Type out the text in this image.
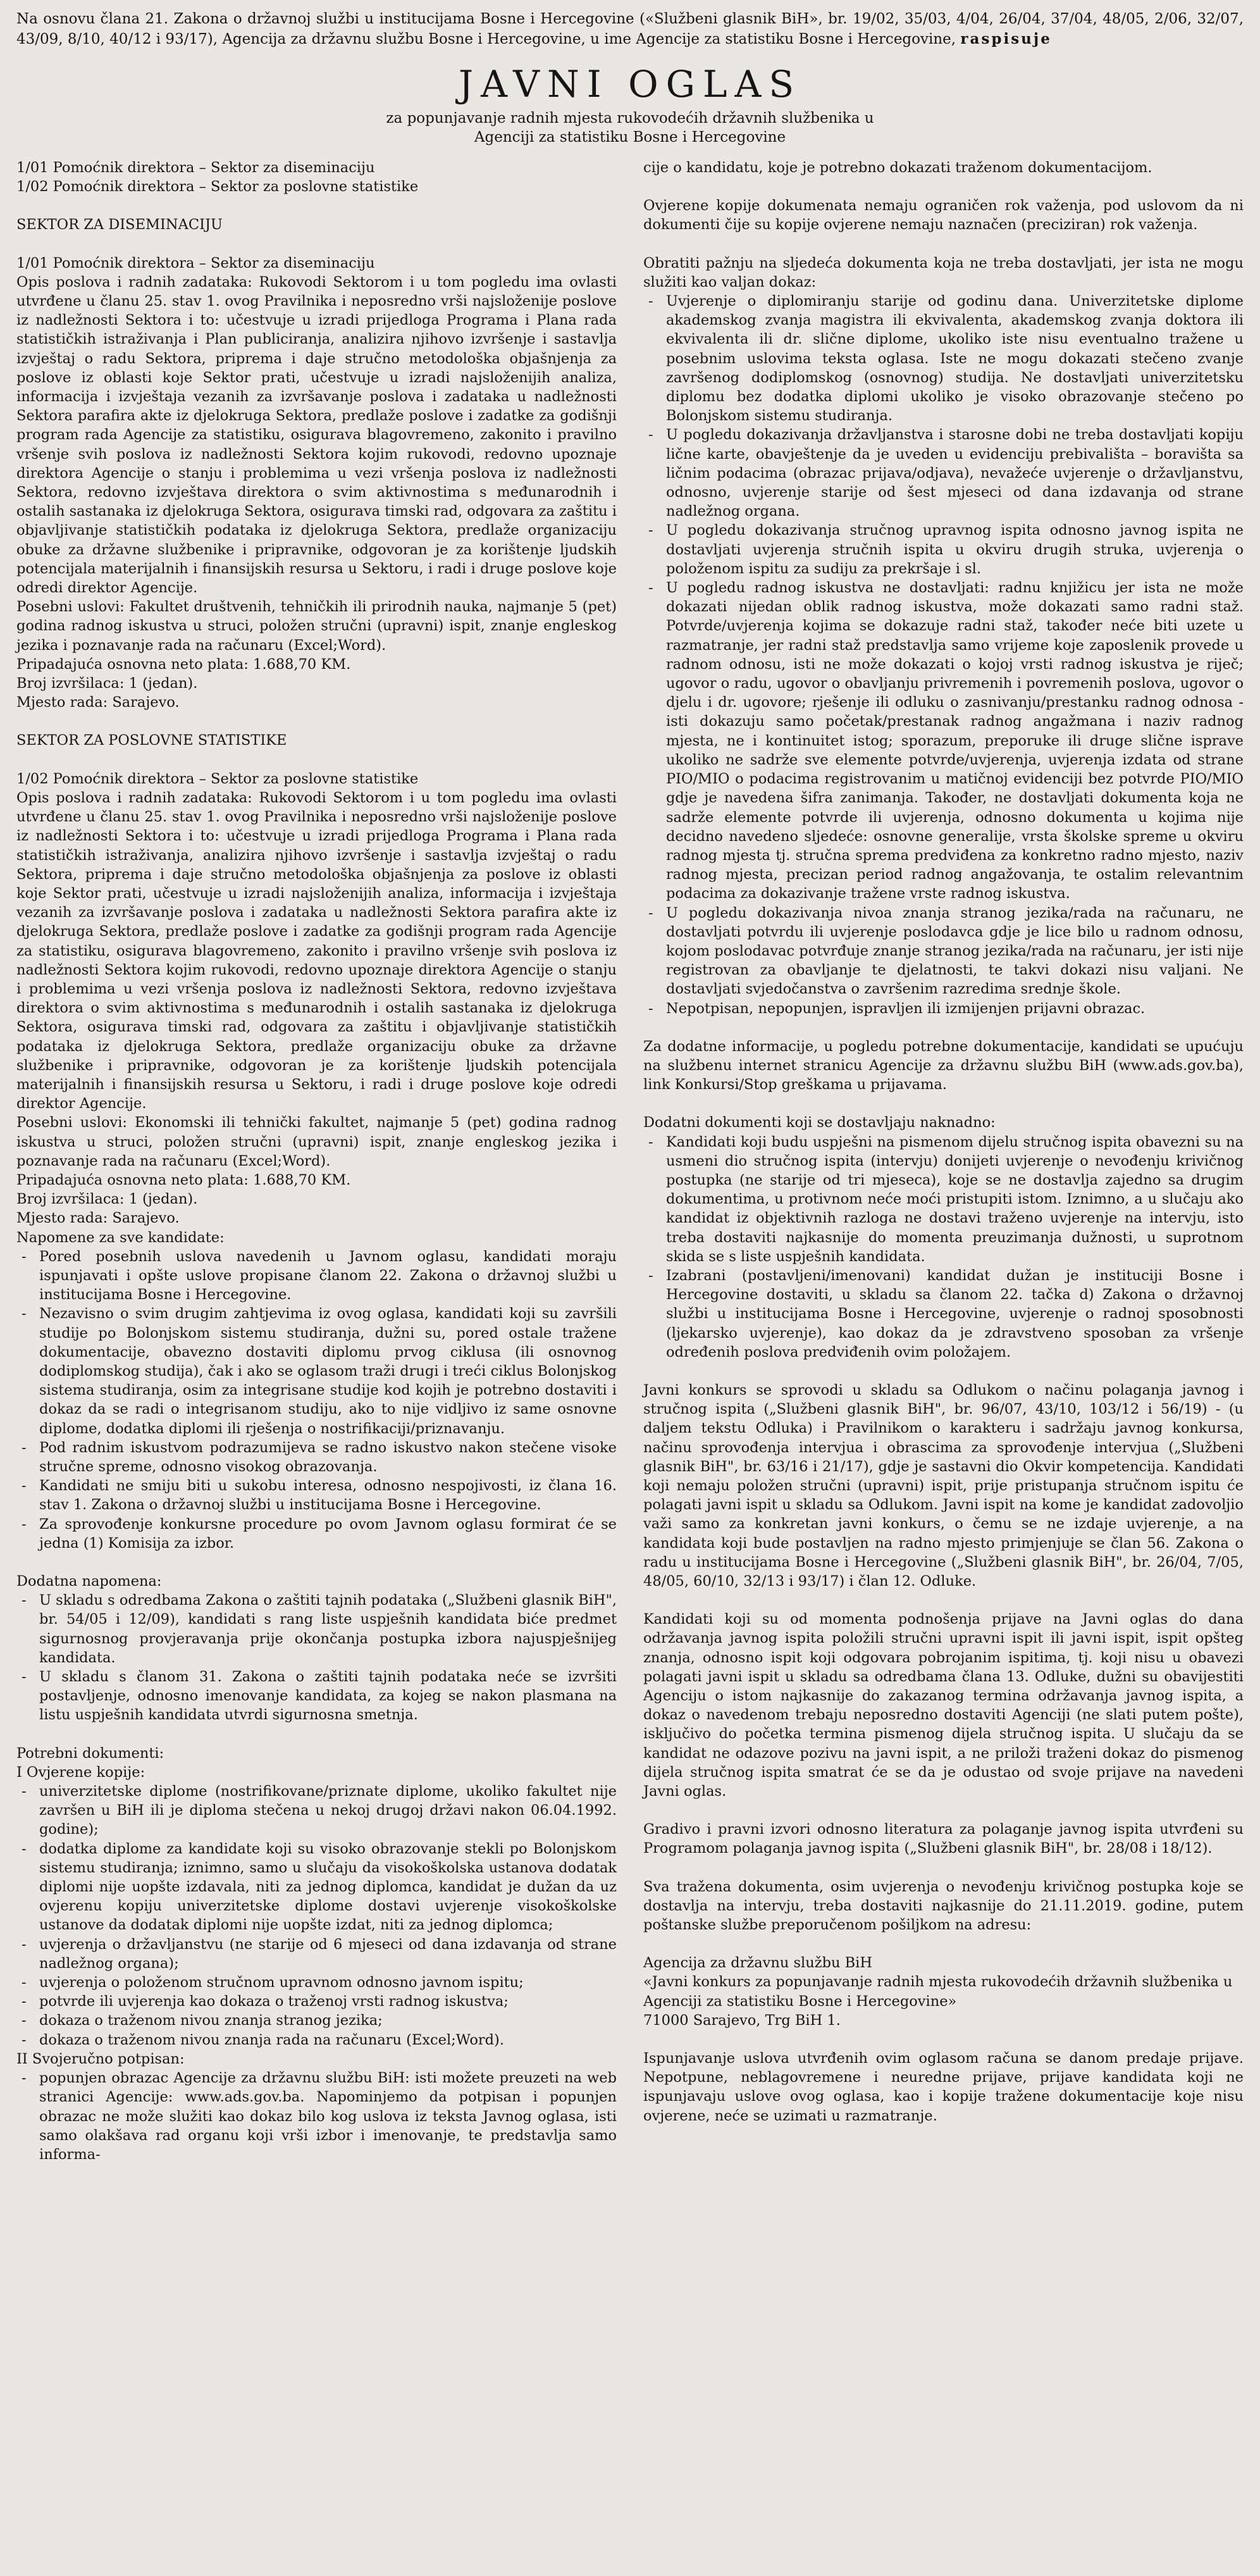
Na osnovu člana 21. Zakona o državnoj službi u institucijama Bosne i Hercegovine («Službeni glasnik BiH», br. 19/02, 35/03, 4/04, 26/04, 37/04, 48/05, 2/06, 32/07, 43/09, 8/10, 40/12 i 93/17), Agencija za državnu službu Bosne i Hercegovine, u ime Agencije za statistiku Bosne i Hercegovine, raspisuje

JAVNI OGLAS
za popunjavanje radnih mjesta rukovodećih državnih službenika u
Agenciji za statistiku Bosne i Hercegovine

1/01 Pomoćnik direktora – Sektor za diseminaciju

1/02 Pomoćnik direktora – Sektor za poslovne statistike

SEKTOR ZA DISEMINACIJU

1/01 Pomoćnik direktora – Sektor za diseminaciju

Opis poslova i radnih zadataka: Rukovodi Sektorom i u tom pogledu ima ovlasti utvrđene u članu 25. stav 1. ovog Pravilnika i neposredno vrši najsloženije poslove iz nadležnosti Sektora i to: učestvuje u izradi prijedloga Programa i Plana rada statističkih istraživanja i Plan publiciranja, analizira njihovo izvršenje i sastavlja izvještaj o radu Sektora, priprema i daje stručno metodološka objašnjenja za poslove iz oblasti koje Sektor prati, učestvuje u izradi najsloženijih analiza, informacija i izvještaja vezanih za izvršavanje poslova i zadataka u nadležnosti Sektora parafira akte iz djelokruga Sektora, predlaže poslove i zadatke za godišnji program rada Agencije za statistiku, osigurava blagovremeno, zakonito i pravilno vršenje svih poslova iz nadležnosti Sektora kojim rukovodi, redovno upoznaje direktora Agencije o stanju i problemima u vezi vršenja poslova iz nadležnosti Sektora, redovno izvještava direktora o svim aktivnostima s međunarodnih i ostalih sastanaka iz djelokruga Sektora, osigurava timski rad, odgovara za zaštitu i objavljivanje statističkih podataka iz djelokruga Sektora, predlaže organizaciju obuke za državne službenike i pripravnike, odgovoran je za korištenje ljudskih potencijala materijalnih i finansijskih resursa u Sektoru, i radi i druge poslove koje odredi direktor Agencije.

Posebni uslovi: Fakultet društvenih, tehničkih ili prirodnih nauka, najmanje 5 (pet) godina radnog iskustva u struci, položen stručni (upravni) ispit, znanje engleskog jezika i poznavanje rada na računaru (Excel;Word).

Pripadajuća osnovna neto plata: 1.688,70 KM.

Broj izvršilaca: 1 (jedan).

Mjesto rada: Sarajevo.

SEKTOR ZA POSLOVNE STATISTIKE

1/02 Pomoćnik direktora – Sektor za poslovne statistike

Opis poslova i radnih zadataka: Rukovodi Sektorom i u tom pogledu ima ovlasti utvrđene u članu 25. stav 1. ovog Pravilnika i neposredno vrši najsloženije poslove iz nadležnosti Sektora i to: učestvuje u izradi prijedloga Programa i Plana rada statističkih istraživanja, analizira njihovo izvršenje i sastavlja izvještaj o radu Sektora, priprema i daje stručno metodološka objašnjenja za poslove iz oblasti koje Sektor prati, učestvuje u izradi najsloženijih analiza, informacija i izvještaja vezanih za izvršavanje poslova i zadataka u nadležnosti Sektora parafira akte iz djelokruga Sektora, predlaže poslove i zadatke za godišnji program rada Agencije za statistiku, osigurava blagovremeno, zakonito i pravilno vršenje svih poslova iz nadležnosti Sektora kojim rukovodi, redovno upoznaje direktora Agencije o stanju i problemima u vezi vršenja poslova iz nadležnosti Sektora, redovno izvještava direktora o svim aktivnostima s međunarodnih i ostalih sastanaka iz djelokruga Sektora, osigurava timski rad, odgovara za zaštitu i objavljivanje statističkih podataka iz djelokruga Sektora, predlaže organizaciju obuke za državne službenike i pripravnike, odgovoran je za korištenje ljudskih potencijala materijalnih i finansijskih resursa u Sektoru, i radi i druge poslove koje odredi direktor Agencije.

Posebni uslovi: Ekonomski ili tehnički fakultet, najmanje 5 (pet) godina radnog iskustva u struci, položen stručni (upravni) ispit, znanje engleskog jezika i poznavanje rada na računaru (Excel;Word).

Pripadajuća osnovna neto plata: 1.688,70 KM.

Broj izvršilaca: 1 (jedan).

Mjesto rada: Sarajevo.

Napomene za sve kandidate:

- Pored posebnih uslova navedenih u Javnom oglasu, kandidati moraju ispunjavati i opšte uslove propisane članom 22. Zakona o državnoj službi u institucijama Bosne i Hercegovine.
- Nezavisno o svim drugim zahtjevima iz ovog oglasa, kandidati koji su završili studije po Bolonjskom sistemu studiranja, dužni su, pored ostale tražene dokumentacije, obavezno dostaviti diplomu prvog ciklusa (ili osnovnog dodiplomskog studija), čak i ako se oglasom traži drugi i treći ciklus Bolonjskog sistema studiranja, osim za integrisane studije kod kojih je potrebno dostaviti i dokaz da se radi o integrisanom studiju, ako to nije vidljivo iz same osnovne diplome, dodatka diplomi ili rješenja o nostrifikaciji/priznavanju.
- Pod radnim iskustvom podrazumijeva se radno iskustvo nakon stečene visoke stručne spreme, odnosno visokog obrazovanja.
- Kandidati ne smiju biti u sukobu interesa, odnosno nespojivosti, iz člana 16. stav 1. Zakona o državnoj službi u institucijama Bosne i Hercegovine.
- Za sprovođenje konkursne procedure po ovom Javnom oglasu formirat će se jedna (1) Komisija za izbor.

Dodatna napomena:

- U skladu s odredbama Zakona o zaštiti tajnih podataka („Službeni glasnik BiH", br. 54/05 i 12/09), kandidati s rang liste uspješnih kandidata biće predmet sigurnosnog provjeravanja prije okončanja postupka izbora najuspješnijeg kandidata.
- U skladu s članom 31. Zakona o zaštiti tajnih podataka neće se izvršiti postavljenje, odnosno imenovanje kandidata, za kojeg se nakon plasmana na listu uspješnih kandidata utvrdi sigurnosna smetnja.

Potrebni dokumenti:

I Ovjerene kopije:

- univerzitetske diplome (nostrifikovane/priznate diplome, ukoliko fakultet nije završen u BiH ili je diploma stečena u nekoj drugoj državi nakon 06.04.1992. godine);
- dodatka diplome za kandidate koji su visoko obrazovanje stekli po Bolonjskom sistemu studiranja; iznimno, samo u slučaju da visokoškolska ustanova dodatak diplomi nije uopšte izdavala, niti za jednog diplomca, kandidat je dužan da uz ovjerenu kopiju univerzitetske diplome dostavi uvjerenje visokoškolske ustanove da dodatak diplomi nije uopšte izdat, niti za jednog diplomca;
- uvjerenja o državljanstvu (ne starije od 6 mjeseci od dana izdavanja od strane nadležnog organa);
- uvjerenja o položenom stručnom upravnom odnosno javnom ispitu;
- potvrde ili uvjerenja kao dokaza o traženoj vrsti radnog iskustva;
- dokaza o traženom nivou znanja stranog jezika;
- dokaza o traženom nivou znanja rada na računaru (Excel;Word).

II Svojeručno potpisan:

- popunjen obrazac Agencije za državnu službu BiH: isti možete preuzeti na web stranici Agencije: www.ads.gov.ba. Napominjemo da potpisan i popunjen obrazac ne može služiti kao dokaz bilo kog uslova iz teksta Javnog oglasa, isti samo olakšava rad organu koji vrši izbor i imenovanje, te predstavlja samo informa-

cije o kandidatu, koje je potrebno dokazati traženom dokumentacijom.

Ovjerene kopije dokumenata nemaju ograničen rok važenja, pod uslovom da ni dokumenti čije su kopije ovjerene nemaju naznačen (preciziran) rok važenja.

Obratiti pažnju na sljedeća dokumenta koja ne treba dostavljati, jer ista ne mogu služiti kao valjan dokaz:

- Uvjerenje o diplomiranju starije od godinu dana. Univerzitetske diplome akademskog zvanja magistra ili ekvivalenta, akademskog zvanja doktora ili ekvivalenta ili dr. slične diplome, ukoliko iste nisu eventualno tražene u posebnim uslovima teksta oglasa. Iste ne mogu dokazati stečeno zvanje završenog dodiplomskog (osnovnog) studija. Ne dostavljati univerzitetsku diplomu bez dodatka diplomi ukoliko je visoko obrazovanje stečeno po Bolonjskom sistemu studiranja.
- U pogledu dokazivanja državljanstva i starosne dobi ne treba dostavljati kopiju lične karte, obavještenje da je uveden u evidenciju prebivališta – boravišta sa ličnim podacima (obrazac prijava/odjava), nevažeće uvjerenje o državljanstvu, odnosno, uvjerenje starije od šest mjeseci od dana izdavanja od strane nadležnog organa.
- U pogledu dokazivanja stručnog upravnog ispita odnosno javnog ispita ne dostavljati uvjerenja stručnih ispita u okviru drugih struka, uvjerenja o položenom ispitu za sudiju za prekršaje i sl.
- U pogledu radnog iskustva ne dostavljati: radnu knjižicu jer ista ne može dokazati nijedan oblik radnog iskustva, može dokazati samo radni staž. Potvrde/uvjerenja kojima se dokazuje radni staž, također neće biti uzete u razmatranje, jer radni staž predstavlja samo vrijeme koje zaposlenik provede u radnom odnosu, isti ne može dokazati o kojoj vrsti radnog iskustva je riječ; ugovor o radu, ugovor o obavljanju privremenih i povremenih poslova, ugovor o djelu i dr. ugovore; rješenje ili odluku o zasnivanju/prestanku radnog odnosa - isti dokazuju samo početak/prestanak radnog angažmana i naziv radnog mjesta, ne i kontinuitet istog; sporazum, preporuke ili druge slične isprave ukoliko ne sadrže sve elemente potvrde/uvjerenja, uvjerenja izdata od strane PIO/MIO o podacima registrovanim u matičnoj evidenciji bez potvrde PIO/MIO gdje je navedena šifra zanimanja. Također, ne dostavljati dokumenta koja ne sadrže elemente potvrde ili uvjerenja, odnosno dokumenta u kojima nije decidno navedeno sljedeće: osnovne generalije, vrsta školske spreme u okviru radnog mjesta tj. stručna sprema predviđena za konkretno radno mjesto, naziv radnog mjesta, precizan period radnog angažovanja, te ostalim relevantnim podacima za dokazivanje tražene vrste radnog iskustva.
- U pogledu dokazivanja nivoa znanja stranog jezika/rada na računaru, ne dostavljati potvrdu ili uvjerenje poslodavca gdje je lice bilo u radnom odnosu, kojom poslodavac potvrđuje znanje stranog jezika/rada na računaru, jer isti nije registrovan za obavljanje te djelatnosti, te takvi dokazi nisu valjani. Ne dostavljati svjedočanstva o završenim razredima srednje škole.
- Nepotpisan, nepopunjen, ispravljen ili izmijenjen prijavni obrazac.

Za dodatne informacije, u pogledu potrebne dokumentacije, kandidati se upućuju na službenu internet stranicu Agencije za državnu službu BiH (www.ads.gov.ba), link Konkursi/Stop greškama u prijavama.

Dodatni dokumenti koji se dostavljaju naknadno:

- Kandidati koji budu uspješni na pismenom dijelu stručnog ispita obavezni su na usmeni dio stručnog ispita (intervju) donijeti uvjerenje o nevođenju krivičnog postupka (ne starije od tri mjeseca), koje se ne dostavlja zajedno sa drugim dokumentima, u protivnom neće moći pristupiti istom. Iznimno, a u slučaju ako kandidat iz objektivnih razloga ne dostavi traženo uvjerenje na intervju, isto treba dostaviti najkasnije do momenta preuzimanja dužnosti, u suprotnom skida se s liste uspješnih kandidata.
- Izabrani (postavljeni/imenovani) kandidat dužan je instituciji Bosne i Hercegovine dostaviti, u skladu sa članom 22. tačka d) Zakona o državnoj službi u institucijama Bosne i Hercegovine, uvjerenje o radnoj sposobnosti (ljekarsko uvjerenje), kao dokaz da je zdravstveno sposoban za vršenje određenih poslova predviđenih ovim položajem.

Javni konkurs se sprovodi u skladu sa Odlukom o načinu polaganja javnog i stručnog ispita („Službeni glasnik BiH", br. 96/07, 43/10, 103/12 i 56/19) - (u daljem tekstu Odluka) i Pravilnikom o karakteru i sadržaju javnog konkursa, načinu sprovođenja intervjua i obrascima za sprovođenje intervjua („Službeni glasnik BiH", br. 63/16 i 21/17), gdje je sastavni dio Okvir kompetencija. Kandidati koji nemaju položen stručni (upravni) ispit, prije pristupanja stručnom ispitu će polagati javni ispit u skladu sa Odlukom. Javni ispit na kome je kandidat zadovoljio važi samo za konkretan javni konkurs, o čemu se ne izdaje uvjerenje, a na kandidata koji bude postavljen na radno mjesto primjenjuje se član 56. Zakona o radu u institucijama Bosne i Hercegovine („Službeni glasnik BiH", br. 26/04, 7/05, 48/05, 60/10, 32/13 i 93/17) i član 12. Odluke.

Kandidati koji su od momenta podnošenja prijave na Javni oglas do dana održavanja javnog ispita položili stručni upravni ispit ili javni ispit, ispit opšteg znanja, odnosno ispit koji odgovara pobrojanim ispitima, tj. koji nisu u obavezi polagati javni ispit u skladu sa odredbama člana 13. Odluke, dužni su obavijestiti Agenciju o istom najkasnije do zakazanog termina održavanja javnog ispita, a dokaz o navedenom trebaju neposredno dostaviti Agenciji (ne slati putem pošte), isključivo do početka termina pismenog dijela stručnog ispita. U slučaju da se kandidat ne odazove pozivu na javni ispit, a ne priloži traženi dokaz do pismenog dijela stručnog ispita smatrat će se da je odustao od svoje prijave na navedeni Javni oglas.

Gradivo i pravni izvori odnosno literatura za polaganje javnog ispita utvrđeni su Programom polaganja javnog ispita („Službeni glasnik BiH", br. 28/08 i 18/12).

Sva tražena dokumenta, osim uvjerenja o nevođenju krivičnog postupka koje se dostavlja na intervju, treba dostaviti najkasnije do 21.11.2019. godine, putem poštanske službe preporučenom pošiljkom na adresu:

Agencija za državnu službu BiH

«Javni konkurs za popunjavanje radnih mjesta rukovodećih državnih službenika u Agenciji za statistiku Bosne i Hercegovine»

71000 Sarajevo, Trg BiH 1.

Ispunjavanje uslova utvrđenih ovim oglasom računa se danom predaje prijave. Nepotpune, neblagovremene i neuredne prijave, prijave kandidata koji ne ispunjavaju uslove ovog oglasa, kao i kopije tražene dokumentacije koje nisu ovjerene, neće se uzimati u razmatranje.
